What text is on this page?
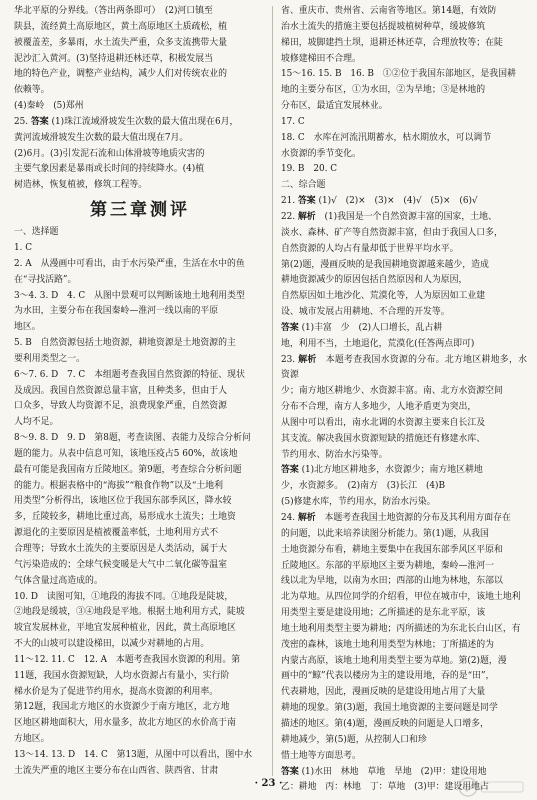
华北平原的分界线。（答出两条即可）　(2)河口镇至

陕县，流经黄土高原地区，黄土高原地区土质疏松，植

被覆盖差，多暴雨，水土流失严重，众多支流携带大量

泥沙汇入黄河。(3)坚持退耕还林还草，积极发展当

地的特色产业，调整产业结构，减少人们对传统农业的

依赖等。

(4)秦岭　(5)郑州

25. 答案 (1)珠江流域滑坡发生次数的最大值出现在6月，

黄河流域滑坡发生次数的最大值出现在7月。

(2)6月。(3)引发泥石流和山体滑坡等地质灾害的

主要气象因素是暴雨或长时间的持续降水。(4)植

树造林，恢复植被，修筑工程等。

第三章测评

一、选择题

1. C

2. A　从漫画中可看出，由于水污染严重，生活在水中的鱼

在“寻找活路”。

3～4. 3. D　4. C　从图中景观可以判断该地土地利用类型

为水田，主要分布在我国秦岭—淮河一线以南的平原

地区。

5. B　自然资源包括土地资源，耕地资源是土地资源的主

要利用类型之一。

6～7. 6. D　7. C　本组题考查我国自然资源的特征、现状

及成因。我国自然资源总量丰富，且种类多，但由于人

口众多，导致人均资源不足，浪费现象严重，自然资源

人均不足。

8～9. 8. D　9. D　第8题，考查读图、表能力及综合分析问

题的能力。从表中信息可知，该地压疫占5 60%，故该地

最有可能是我国南方丘陵地区。第9题，考查综合分析问题

的能力。根据表格中的“海拔”“粮食作物”以及“土地利

用类型”分析得出，该地区位于我国东部季风区，降水较

多，丘陵较多，耕地比重过高，易形成水土流失；土地资

源退化的主要原因是植被覆盖率低，土地利用方式不

合理等；导致水土流失的主要原因是人类活动，属于大

气污染造成的；全球气候变暖是大气中二氧化碳等温室

气体含量过高造成的。

10. D　读图可知，①地段的海拔不同。①地段是陡坡，

②地段是缓坡，③④地段是平地。根据土地利用方式，陡坡

坡宜发展林业，平地宜发展种植业，因此，黄土高原地区

不大的山坡可以建设梯田，以减少对耕地的占用。

11～12. 11. C　12. A　本题考查我国水资源的利用。第

11题，我国水资源短缺，人均水资源占有量小，实行阶

梯水价是为了促进节约用水，提高水资源的利用率。

第12题，我国北方地区的水资源少于南方地区，北方地

区地区耕地面积大，用水量多，故北方地区的水价高于南

方地区。

13～14. 13. D　14. C　第13题，从图中可以看出，图中水

土流失严重的地区主要分布在山西省、陕西省、甘肃

省、重庆市、贵州省、云南省等地区。第14题，有效防

治水土流失的措施主要包括提坡植树种草，缓坡修筑

梯田，坡脚建挡土坝，退耕还林还草，合理放牧等；在陡

坡修建梯田不合理。

15～16. 15. B　16. B　①②位于我国东部地区，是我国耕

地的主要分布区，①为水田，②为旱地；③是林地的

分布区，最适宜发展林业。

17. C

18. C　水库在河流汛期蓄水，枯水期放水，可以调节

水资源的季节变化。

19. B　20. C

二、综合题

21. 答案 (1)√　(2)×　(3)×　(4)√　(5)×　(6)√

22. 解析　(1)我国是一个自然资源丰富的国家，土地、

淡水、森林、矿产等自然资源丰富，但由于我国人口多，

自然资源的人均占有量却低于世界平均水平。

第(2)题，漫画反映的是我国耕地资源越来越少，造成

耕地资源减少的原因包括自然原因和人为原因，

自然原因如土地沙化、荒漠化等，人为原因如工业建

设、城市发展占用耕地、不合理的开发等。

答案 (1)丰富　少　(2)人口增长，乱占耕

地，利用不当，土地退化，荒漠化(任答两点即可)

23. 解析　本题考查我国水资源的分布。北方地区耕地多，水资源

少；南方地区耕地少、水资源丰富。南、北方水资源空间

分布不合理，南方人多地少，人地矛盾更为突出，

从图中可以看出，南水北调的水资源主要来自长江及

其支流。解决我国水资源短缺的措施还有修建水库、

节约用水、防治水污染等。

答案 (1)北方地区耕地多，水资源少；南方地区耕地

少，水资源多。　(2)南方　(3)长江　(4)B

(5)修建水库，节约用水，防治水污染。

24. 解析　本题考查我国土地资源的分布及其利用方面存在

的问题，以此来培养读图分析能力。第(1)题，从我国

土地资源分布看，耕地主要集中在我国东部季风区平原和

丘陵地区。东部的平原地区主要为耕地，秦岭—淮河一

线以北为旱地，以南为水田；西部的山地为林地，东部以

北为草地。从四位同学的介绍看，甲位在城市中，该地土地利

用类型主要是建设用地；乙所描述的是东北平原，该

地土地利用类型主要为耕地；丙所描述的为东北长白山区，有

茂密的森林，该地土地利用类型为林地；丁所描述的为

内蒙古高原，该地土地利用类型主要为草地。第(2)题，漫

画中的“鲸”代表以楼房为主的建设用地，吞的是“田”，

代表耕地，因此，漫画反映的是建设用地占用了大量

耕地的现象。第(3)题，我国土地资源的主要问题是同学

描述的地区。第(4)题，漫画反映的问题是人口增多，

耕地减少，第(5)题，从控制人口和珍

惜土地等方面思考。

答案 (1)水田　林地　草地　旱地　(2)甲：建设用地

乙：耕地　丙：林地　丁：草地　(3)甲：建设用地占

· 23 ·
